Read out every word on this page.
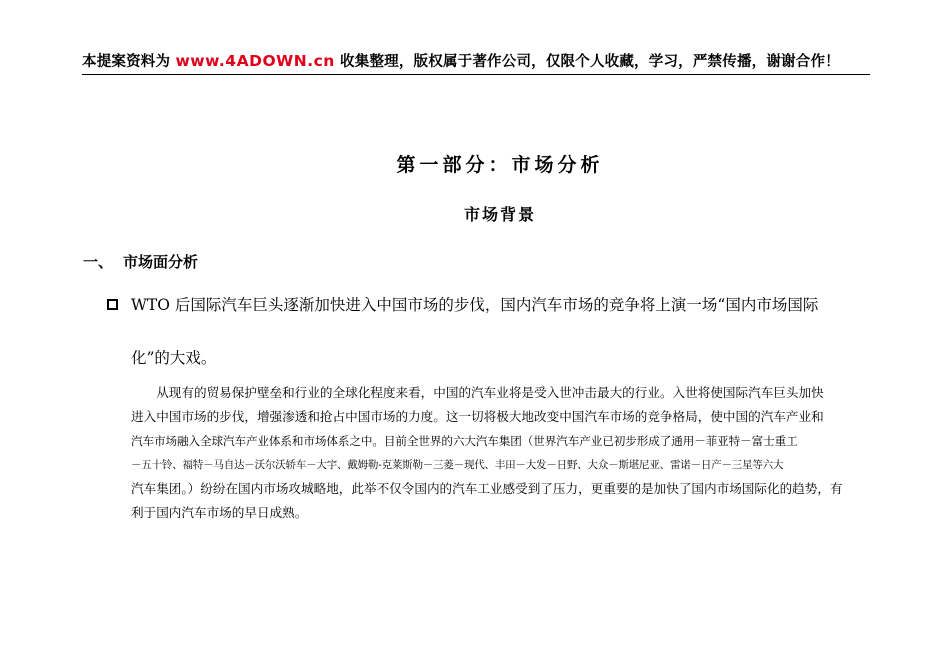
本提案资料为 www.4ADOWN.cn 收集整理，版权属于著作公司，仅限个人收藏，学习，严禁传播，谢谢合作！
第一部分：市场分析
市场背景
一、 市场面分析
WTO 后国际汽车巨头逐渐加快进入中国市场的步伐，国内汽车市场的竞争将上演一场“国内市场国际
化”的大戏。
　　从现有的贸易保护壁垒和行业的全球化程度来看，中国的汽车业将是受入世冲击最大的行业。入世将使国际汽车巨头加快
进入中国市场的步伐，增强渗透和抢占中国市场的力度。这一切将极大地改变中国汽车市场的竞争格局，使中国的汽车产业和
汽车市场融入全球汽车产业体系和市场体系之中。目前全世界的六大汽车集团（世界汽车产业已初步形成了通用－菲亚特－富士重工
－五十铃、福特－马自达－沃尔沃轿车－大宇、戴姆勒-克莱斯勒－三菱－现代、丰田－大发－日野、大众－斯堪尼亚、雷诺－日产－三星等六大
汽车集团。）纷纷在国内市场攻城略地，此举不仅令国内的汽车工业感受到了压力，更重要的是加快了国内市场国际化的趋势，有
利于国内汽车市场的早日成熟。
